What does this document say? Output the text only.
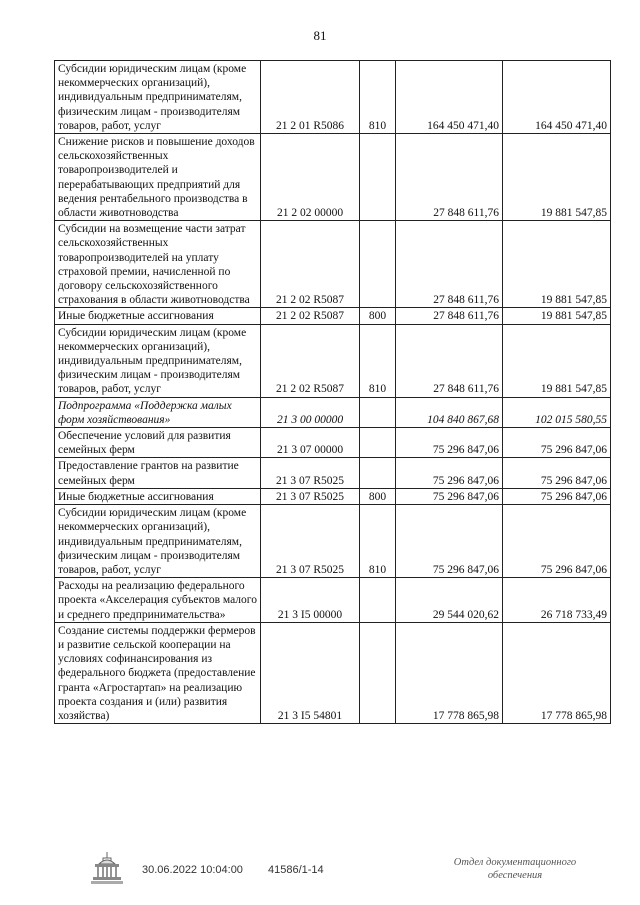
81
Субсидии юридическим лицам (кроме некоммерческих организаций), индивидуальным предпринимателям, физическим лицам - производителям товаров, работ, услуг	21 2 01 R5086	810	164 450 471,40	164 450 471,40
Снижение рисков и повышение доходов сельскохозяйственных товаропроизводителей и перерабатывающих предприятий для ведения рентабельного производства в области животноводства	21 2 02 00000		27 848 611,76	19 881 547,85
Субсидии на возмещение части затрат сельскохозяйственных товаропроизводителей на уплату страховой премии, начисленной по договору сельскохозяйственного страхования в области животноводства	21 2 02 R5087		27 848 611,76	19 881 547,85
Иные бюджетные ассигнования	21 2 02 R5087	800	27 848 611,76	19 881 547,85
Субсидии юридическим лицам (кроме некоммерческих организаций), индивидуальным предпринимателям, физическим лицам - производителям товаров, работ, услуг	21 2 02 R5087	810	27 848 611,76	19 881 547,85
Подпрограмма «Поддержка малых форм хозяйствования»	21 3 00 00000		104 840 867,68	102 015 580,55
Обеспечение условий для развития семейных ферм	21 3 07 00000		75 296 847,06	75 296 847,06
Предоставление грантов на развитие семейных ферм	21 3 07 R5025		75 296 847,06	75 296 847,06
Иные бюджетные ассигнования	21 3 07 R5025	800	75 296 847,06	75 296 847,06
Субсидии юридическим лицам (кроме некоммерческих организаций), индивидуальным предпринимателям, физическим лицам - производителям товаров, работ, услуг	21 3 07 R5025	810	75 296 847,06	75 296 847,06
Расходы на реализацию федерального проекта «Акселерация субъектов малого и среднего предпринимательства»	21 3 I5 00000		29 544 020,62	26 718 733,49
Создание системы поддержки фермеров и развитие сельской кооперации на условиях софинансирования из федерального бюджета (предоставление гранта «Агростартап» на реализацию проекта создания и (или) развития хозяйства)	21 3 I5 54801		17 778 865,98	17 778 865,98
30.06.2022 10:04:00 41586/1-14
Отдел документационного обеспечения
